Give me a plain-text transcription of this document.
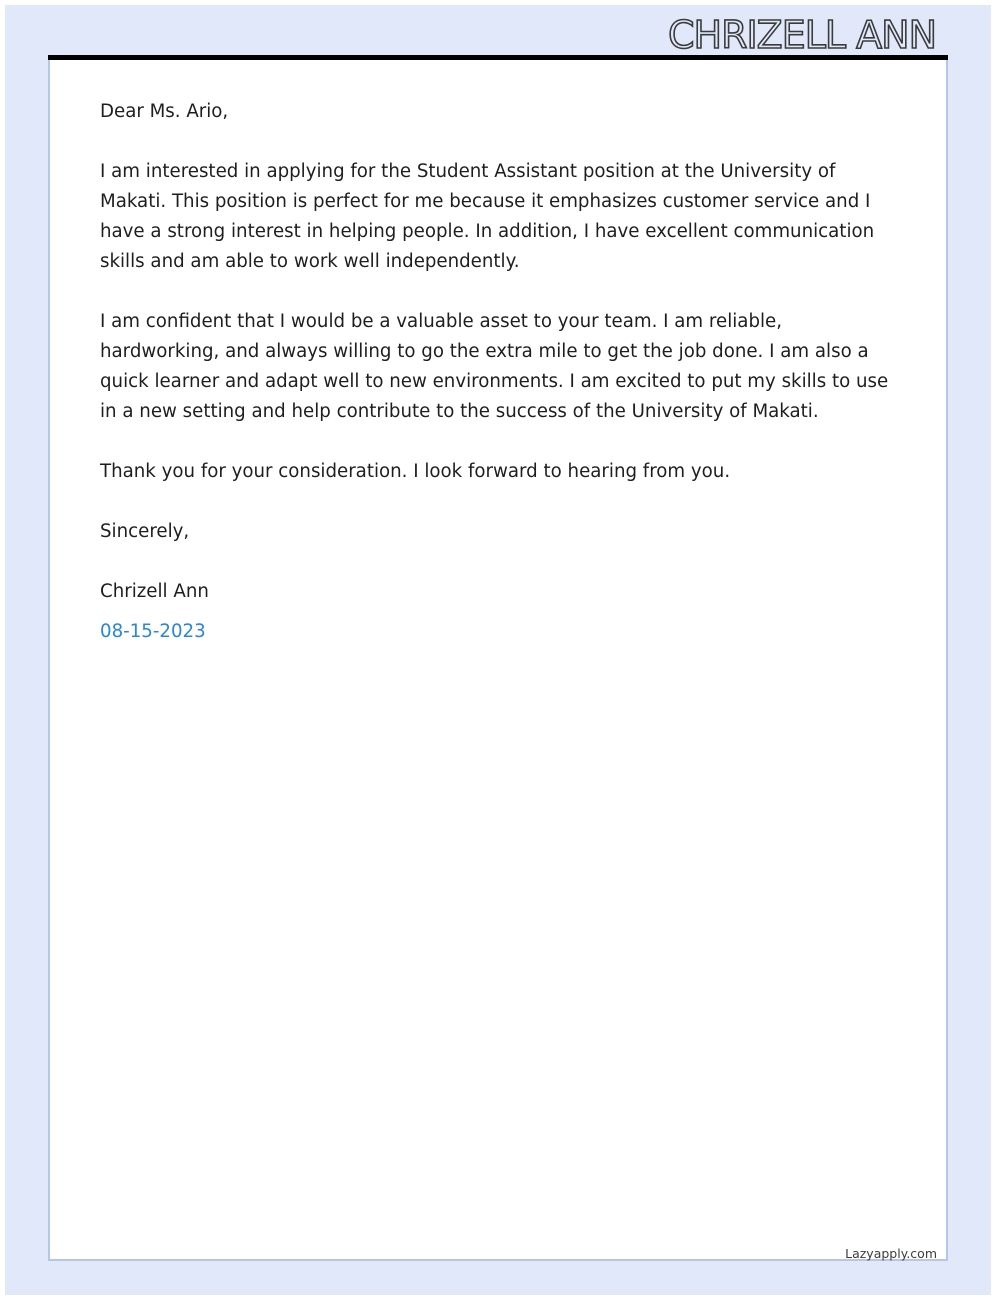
CHRIZELL ANN

Dear Ms. Ario,

I am interested in applying for the Student Assistant position at the University of Makati. This position is perfect for me because it emphasizes customer service and I have a strong interest in helping people. In addition, I have excellent communication skills and am able to work well independently.

I am confident that I would be a valuable asset to your team. I am reliable, hardworking, and always willing to go the extra mile to get the job done. I am also a quick learner and adapt well to new environments. I am excited to put my skills to use in a new setting and help contribute to the success of the University of Makati.

Thank you for your consideration. I look forward to hearing from you.

Sincerely,

Chrizell Ann

08-15-2023

Lazyapply.com
